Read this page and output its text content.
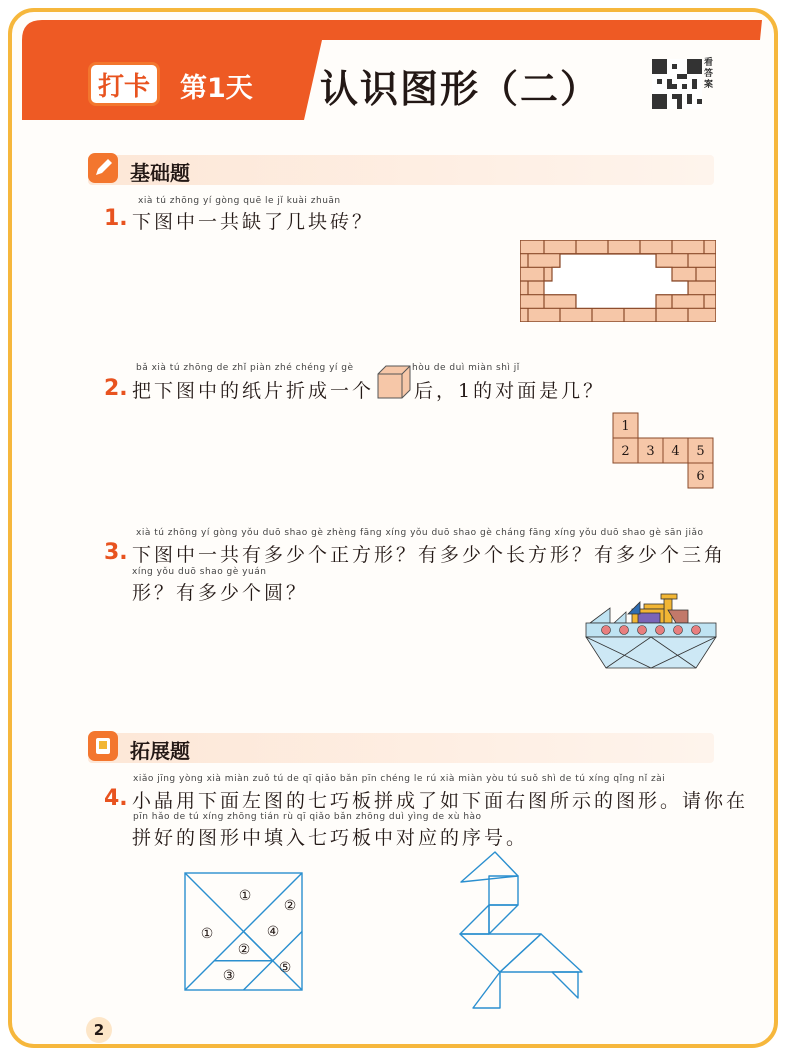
打卡	第1天 认识图形（二）
看答案
基础题
xià tú zhōng yí gòng quē le jǐ kuài zhuān
1. 下图中一共缺了几块砖？
bǎ xià tú zhōng de zhǐ piàn zhé chéng yí gè	hòu de duì miàn shì jǐ
2. 把下图中的纸片折成一个 后，1的对面是几？
1
2 3 4 5
6
xià tú zhōng yí gòng yǒu duō shao gè zhèng fāng xíng yǒu duō shao gè cháng fāng xíng yǒu duō shao gè sān jiǎo
3. 下图中一共有多少个正方形？有多少个长方形？有多少个三角
xíng yǒu duō shao gè yuán
形？有多少个圆？
拓展题
xiǎo jīng yòng xià miàn zuǒ tú de qī qiǎo bǎn pīn chéng le rú xià miàn yòu tú suǒ shì de tú xíng qǐng nǐ zài
4. 小晶用下面左图的七巧板拼成了如下面右图所示的图形。请你在
pīn hǎo de tú xíng zhōng tián rù qī qiǎo bǎn zhōng duì yìng de xù hào
拼好的图形中填入七巧板中对应的序号。
①
②
①
②
④
③	⑤
2
